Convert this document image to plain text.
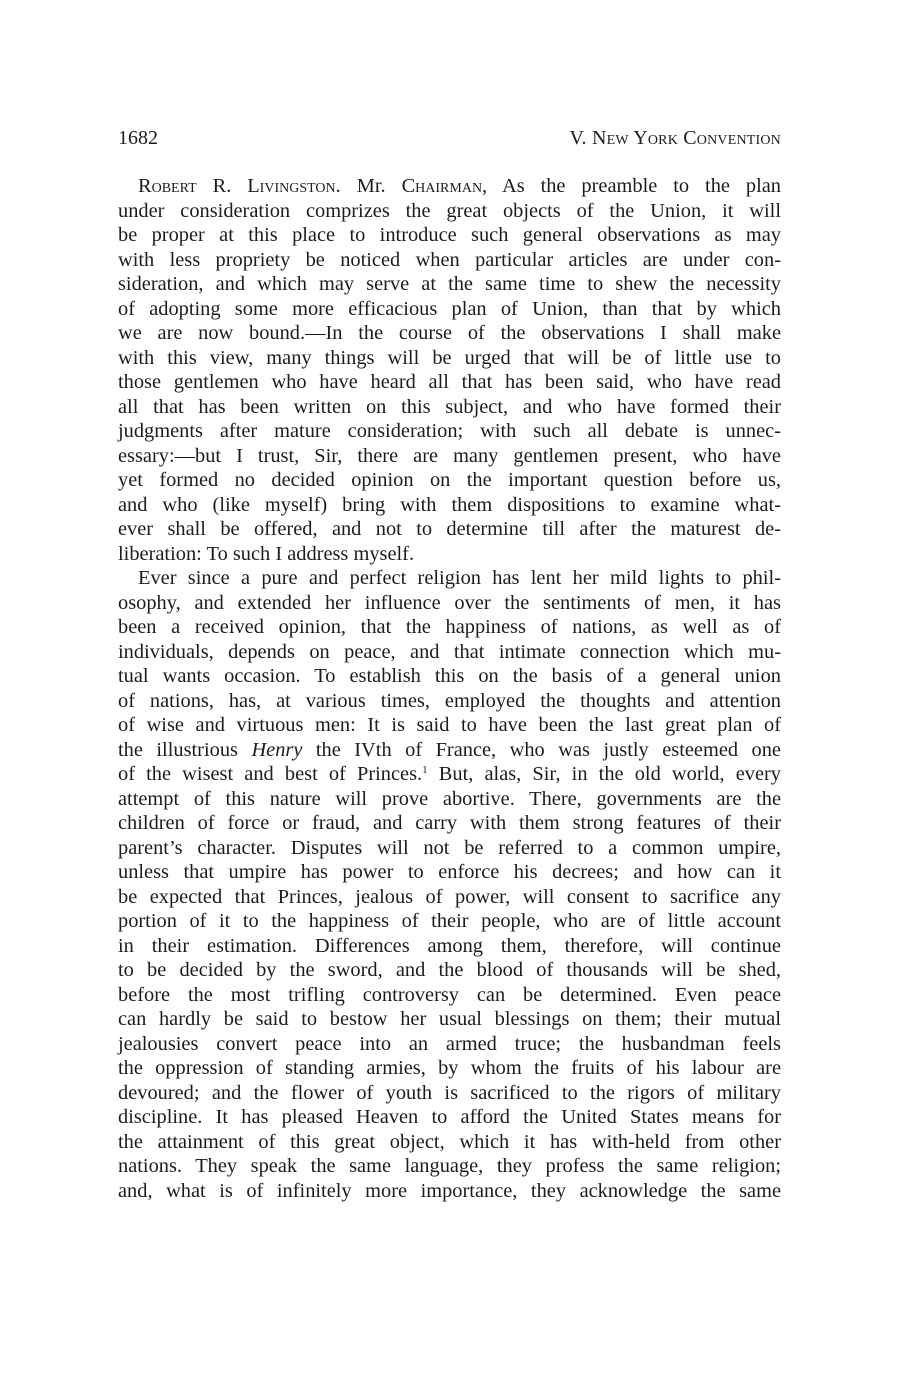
1682	V. New York Convention
Robert R. Livingston. Mr. Chairman, As the preamble to the plan
under consideration comprizes the great objects of the Union, it will
be proper at this place to introduce such general observations as may
with less propriety be noticed when particular articles are under con-
sideration, and which may serve at the same time to shew the necessity
of adopting some more efficacious plan of Union, than that by which
we are now bound.—In the course of the observations I shall make
with this view, many things will be urged that will be of little use to
those gentlemen who have heard all that has been said, who have read
all that has been written on this subject, and who have formed their
judgments after mature consideration; with such all debate is unnec-
essary:—but I trust, Sir, there are many gentlemen present, who have
yet formed no decided opinion on the important question before us,
and who (like myself) bring with them dispositions to examine what-
ever shall be offered, and not to determine till after the maturest de-
liberation: To such I address myself.
Ever since a pure and perfect religion has lent her mild lights to phil-
osophy, and extended her influence over the sentiments of men, it has
been a received opinion, that the happiness of nations, as well as of
individuals, depends on peace, and that intimate connection which mu-
tual wants occasion. To establish this on the basis of a general union
of nations, has, at various times, employed the thoughts and attention
of wise and virtuous men: It is said to have been the last great plan of
the illustrious Henry the IVth of France, who was justly esteemed one
of the wisest and best of Princes.$^1$ But, alas, Sir, in the old world, every
attempt of this nature will prove abortive. There, governments are the
children of force or fraud, and carry with them strong features of their
parent’s character. Disputes will not be referred to a common umpire,
unless that umpire has power to enforce his decrees; and how can it
be expected that Princes, jealous of power, will consent to sacrifice any
portion of it to the happiness of their people, who are of little account
in their estimation. Differences among them, therefore, will continue
to be decided by the sword, and the blood of thousands will be shed,
before the most trifling controversy can be determined. Even peace
can hardly be said to bestow her usual blessings on them; their mutual
jealousies convert peace into an armed truce; the husbandman feels
the oppression of standing armies, by whom the fruits of his labour are
devoured; and the flower of youth is sacrificed to the rigors of military
discipline. It has pleased Heaven to afford the United States means for
the attainment of this great object, which it has with-held from other
nations. They speak the same language, they profess the same religion;
and, what is of infinitely more importance, they acknowledge the same
